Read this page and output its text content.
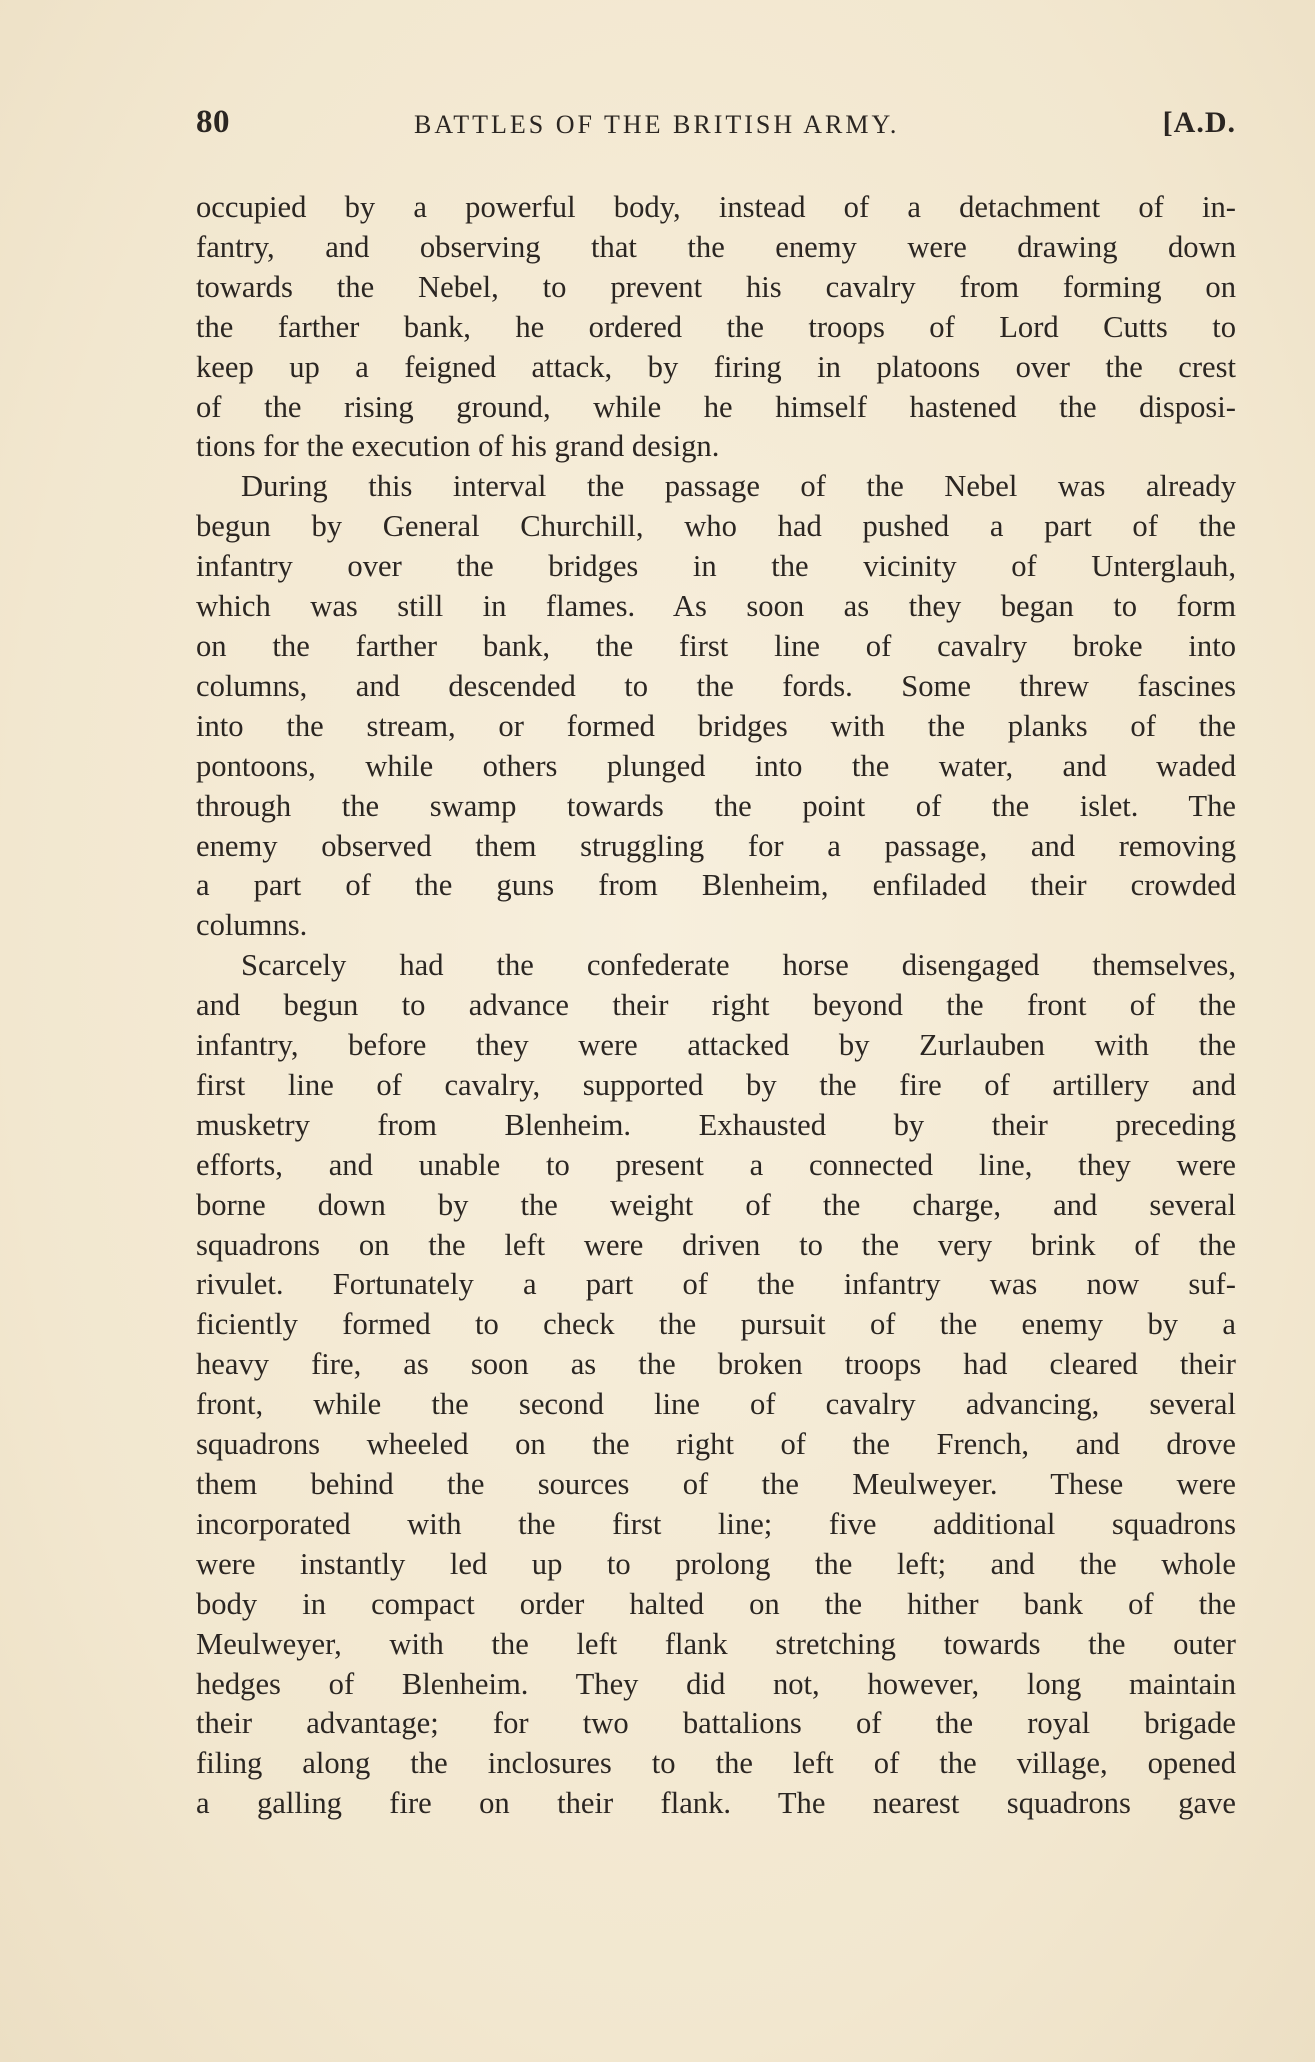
80	BATTLES OF THE BRITISH ARMY.	[A.D.

occupied by a powerful body, instead of a detachment of in-

fantry, and observing that the enemy were drawing down

towards the Nebel, to prevent his cavalry from forming on

the farther bank, he ordered the troops of Lord Cutts to

keep up a feigned attack, by firing in platoons over the crest

of the rising ground, while he himself hastened the disposi-

tions for the execution of his grand design.

During this interval the passage of the Nebel was already

begun by General Churchill, who had pushed a part of the

infantry over the bridges in the vicinity of Unterglauh,

which was still in flames. As soon as they began to form

on the farther bank, the first line of cavalry broke into

columns, and descended to the fords. Some threw fascines

into the stream, or formed bridges with the planks of the

pontoons, while others plunged into the water, and waded

through the swamp towards the point of the islet. The

enemy observed them struggling for a passage, and removing

a part of the guns from Blenheim, enfiladed their crowded

columns.

Scarcely had the confederate horse disengaged themselves,

and begun to advance their right beyond the front of the

infantry, before they were attacked by Zurlauben with the

first line of cavalry, supported by the fire of artillery and

musketry from Blenheim. Exhausted by their preceding

efforts, and unable to present a connected line, they were

borne down by the weight of the charge, and several

squadrons on the left were driven to the very brink of the

rivulet. Fortunately a part of the infantry was now suf-

ficiently formed to check the pursuit of the enemy by a

heavy fire, as soon as the broken troops had cleared their

front, while the second line of cavalry advancing, several

squadrons wheeled on the right of the French, and drove

them behind the sources of the Meulweyer. These were

incorporated with the first line; five additional squadrons

were instantly led up to prolong the left; and the whole

body in compact order halted on the hither bank of the

Meulweyer, with the left flank stretching towards the outer

hedges of Blenheim. They did not, however, long maintain

their advantage; for two battalions of the royal brigade

filing along the inclosures to the left of the village, opened

a galling fire on their flank. The nearest squadrons gave
